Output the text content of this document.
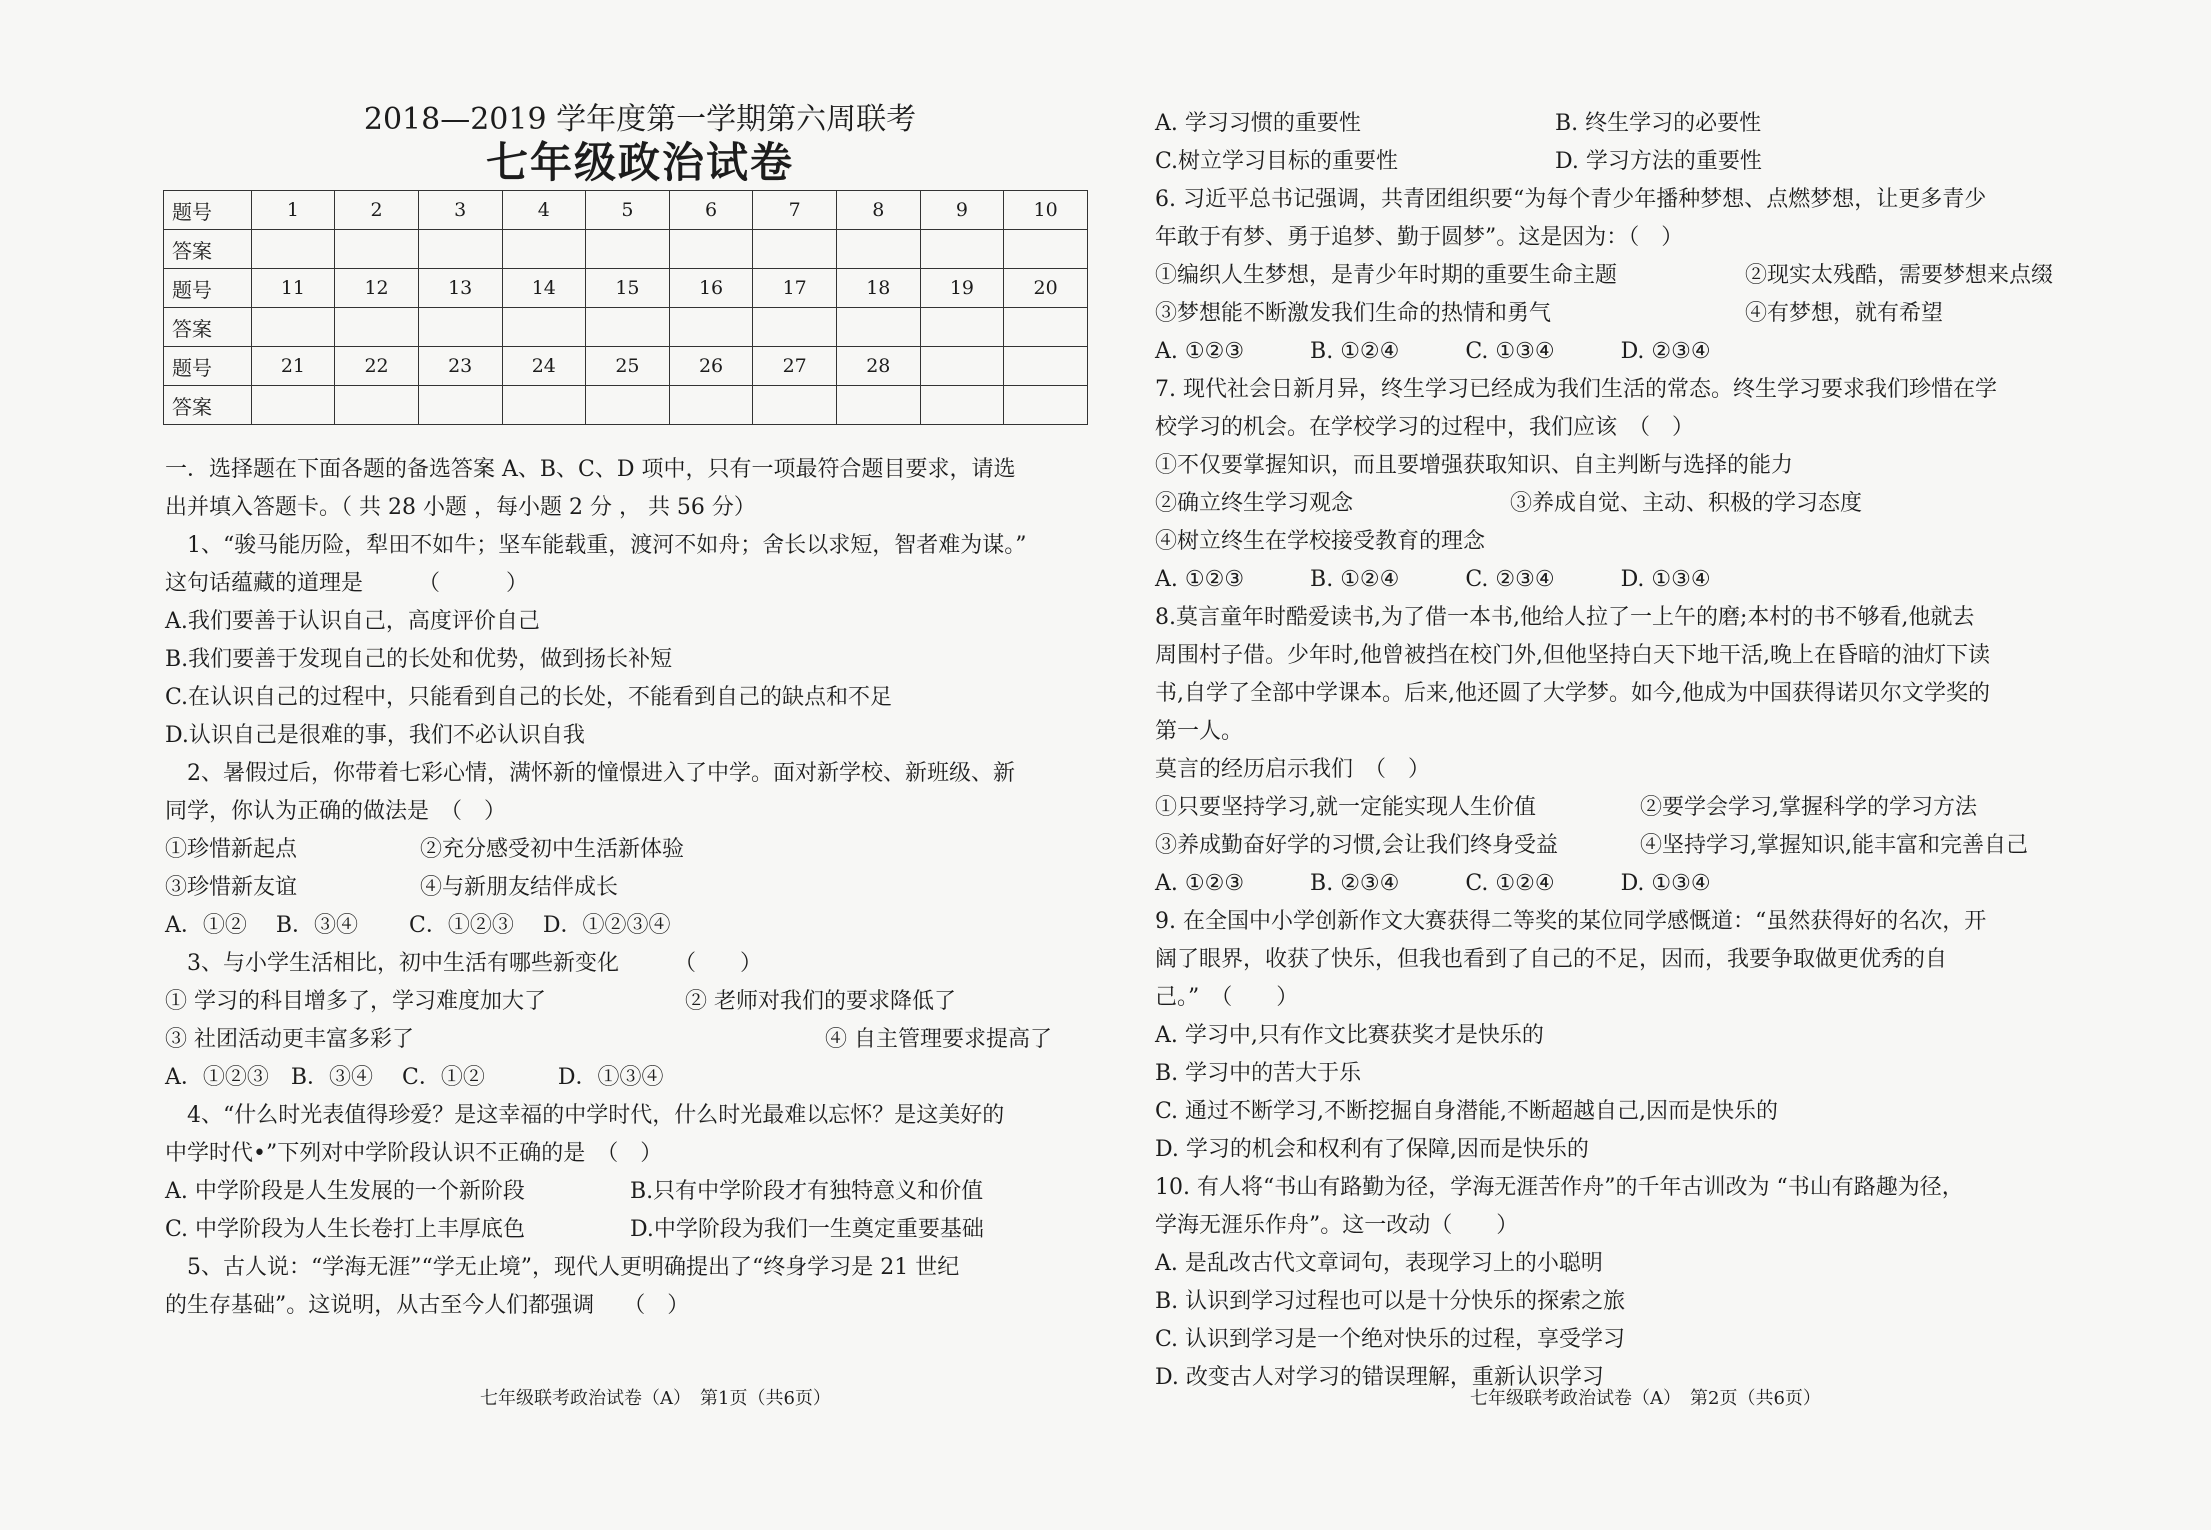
2018—2019 学年度第一学期第六周联考
七年级政治试卷
题号	1	2	3	4	5	6	7	8	9	10
答案										
题号	11	12	13	14	15	16	17	18	19	20
答案										
题号	21	22	23	24	25	26	27	28		
答案										

一．选择题在下面各题的备选答案 A、B、C、D 项中，只有一项最符合题目要求，请选

出并填入答题卡。（ 共 28 小题 ，每小题 2 分 ， 共 56 分）

1、“骏马能历险，犁田不如牛；坚车能载重，渡河不如舟；舍长以求短，智者难为谋。”

这句话蕴藏的道理是　　　（　　　）

A.我们要善于认识自己，高度评价自己

B.我们要善于发现自己的长处和优势，做到扬长补短

C.在认识自己的过程中，只能看到自己的长处，不能看到自己的缺点和不足

D.认识自己是很难的事，我们不必认识自我

2、暑假过后，你带着七彩心情，满怀新的憧憬进入了中学。面对新学校、新班级、新

同学，你认为正确的做法是　（　）

①珍惜新起点	②充分感受初中生活新体验
③珍惜新友谊	④与新朋友结伴成长

A．①②　 B．③④　　 C．①②③　 D．①②③④

3、与小学生活相比，初中生活有哪些新变化　　　（　　）

① 学习的科目增多了，学习难度加大了	② 老师对我们的要求降低了
③ 社团活动更丰富多彩了	④ 自主管理要求提高了

A．①②③　B．③④　 C．①②　　　 D．①③④

4、“什么时光表值得珍爱？是这幸福的中学时代，什么时光最难以忘怀？是这美好的

中学时代•”下列对中学阶段认识不正确的是　（　）

A. 中学阶段是人生发展的一个新阶段	B.只有中学阶段才有独特意义和价值
C. 中学阶段为人生长卷打上丰厚底色	D.中学阶段为我们一生奠定重要基础

5、古人说：“学海无涯”“学无止境”，现代人更明确提出了“终身学习是 21 世纪

的生存基础”。这说明，从古至今人们都强调　 （　）

A. 学习习惯的重要性	B. 终生学习的必要性
C.树立学习目标的重要性	D. 学习方法的重要性

6. 习近平总书记强调，共青团组织要“为每个青少年播种梦想、点燃梦想，让更多青少

年敢于有梦、勇于追梦、勤于圆梦”。这是因为：（　）

①编织人生梦想，是青少年时期的重要生命主题	②现实太残酷，需要梦想来点缀
③梦想能不断激发我们生命的热情和勇气	④有梦想，就有希望

A. ①②③　　　B. ①②④　　　C. ①③④　　　D. ②③④

7. 现代社会日新月异，终生学习已经成为我们生活的常态。终生学习要求我们珍惜在学

校学习的机会。在学校学习的过程中，我们应该　（　）

①不仅要掌握知识，而且要增强获取知识、自主判断与选择的能力

②确立终生学习观念	③养成自觉、主动、积极的学习态度

④树立终生在学校接受教育的理念

A. ①②③　　　B. ①②④　　　C. ②③④　　　D. ①③④

8.莫言童年时酷爱读书,为了借一本书,他给人拉了一上午的磨;本村的书不够看,他就去

周围村子借。少年时,他曾被挡在校门外,但他坚持白天下地干活,晚上在昏暗的油灯下读

书,自学了全部中学课本。后来,他还圆了大学梦。如今,他成为中国获得诺贝尔文学奖的

第一人。

莫言的经历启示我们　（　）

①只要坚持学习,就一定能实现人生价值	②要学会学习,掌握科学的学习方法
③养成勤奋好学的习惯,会让我们终身受益	④坚持学习,掌握知识,能丰富和完善自己

A. ①②③　　　B. ②③④　　　C. ①②④　　　D. ①③④

9. 在全国中小学创新作文大赛获得二等奖的某位同学感慨道：“虽然获得好的名次，开

阔了眼界，收获了快乐，但我也看到了自己的不足，因而，我要争取做更优秀的自

己。”　（　　）

A. 学习中,只有作文比赛获奖才是快乐的

B. 学习中的苦大于乐

C. 通过不断学习,不断挖掘自身潜能,不断超越自己,因而是快乐的

D. 学习的机会和权利有了保障,因而是快乐的

10. 有人将“书山有路勤为径，学海无涯苦作舟”的千年古训改为 “书山有路趣为径，

学海无涯乐作舟”。这一改动（　　）

A. 是乱改古代文章词句，表现学习上的小聪明

B. 认识到学习过程也可以是十分快乐的探索之旅

C. 认识到学习是一个绝对快乐的过程，享受学习

D. 改变古人对学习的错误理解，重新认识学习

七年级联考政治试卷（A）　第1页（共6页）	七年级联考政治试卷（A）　第2页（共6页）
